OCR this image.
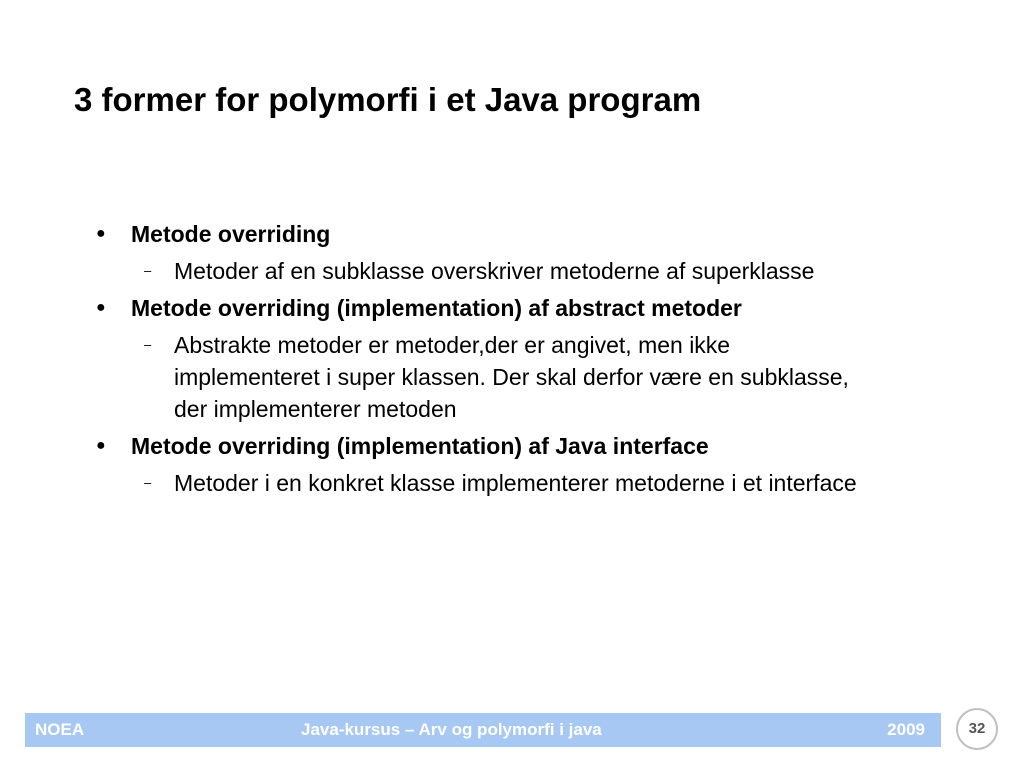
3 former for polymorfi i et Java program
● Metode overriding
– Metoder af en subklasse overskriver metoderne af superklasse
● Metode overriding (implementation) af abstract metoder
– Abstrakte metoder er metoder,der er angivet, men ikke implementeret i super klassen. Der skal derfor være en subklasse, der implementerer metoden
● Metode overriding (implementation) af Java interface
– Metoder i en konkret klasse implementerer metoderne i et interface
NOEA	Java-kursus – Arv og polymorfi i java	2009	32
